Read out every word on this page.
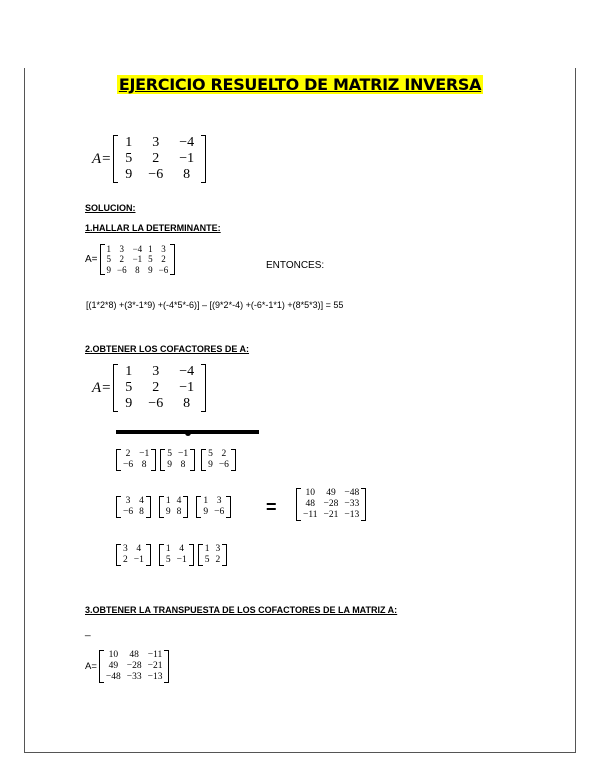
EJERCICIO RESUELTO DE MATRIZ INVERSA
A=
1	3	−4
5	2	−1
9	−6	8
SOLUCION:
1.HALLAR LA DETERMINANTE:
A=
1	3	−4	1	3
5	2	−1	5	2
9	−6	8	9	−6	ENTONCES:
[(1*2*8) +(3*-1*9) +(-4*5*-6)] – [(9*2*-4) +(-6*-1*1) +(8*5*3)] = 55
2.OBTENER LOS COFACTORES DE A:
A=
1	3	−4
5	2	−1
9	−6	8
2	−1
−6	8
5	−1
9	8
5	2
9	−6
3	4
−6	8
1	4
9	8
1	3
9	−6 =
10	49	−48
48	−28	−33
−11	−21	−13
3	4
2	−1
1	4
5	−1
1	3
5	2
3.OBTENER LA TRANSPUESTA DE LOS COFACTORES DE LA MATRIZ A:
_
A=
10	48	−11
49	−28	−21
−48	−33	−13
